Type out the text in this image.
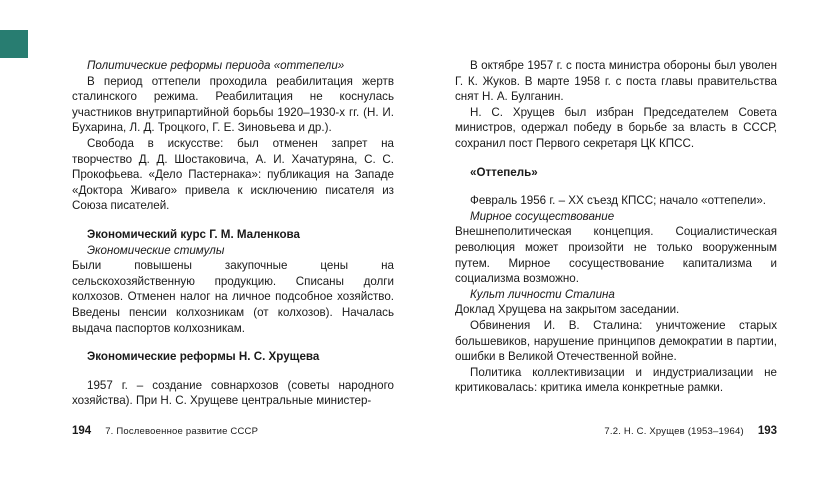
Политические реформы периода «оттепели»

В период оттепели проходила реабилитация жертв сталинского режима. Реабилитация не коснулась участников внутрипартийной борьбы 1920–1930-х гг. (Н. И. Бухарина, Л. Д. Троцкого, Г. Е. Зиновьева и др.).

Свобода в искусстве: был отменен запрет на творчество Д. Д. Шостаковича, А. И. Хачатуряна, С. С. Прокофьева. «Дело Пастернака»: публикация на Западе «Доктора Живаго» привела к исключению писателя из Союза писателей.

Экономический курс Г. М. Маленкова

Экономические стимулы

Были повышены закупочные цены на сельскохозяйственную продукцию. Списаны долги колхозов. Отменен налог на личное подсобное хозяйство. Введены пенсии колхозникам (от колхозов). Началась выдача паспортов колхозникам.

Экономические реформы Н. С. Хрущева

1957 г. – создание совнархозов (советы народного хозяйства). При Н. С. Хрущеве центральные министер-

194 7. Послевоенное развитие СССР

В октябре 1957 г. с поста министра обороны был уволен Г. К. Жуков. В марте 1958 г. с поста главы правительства снят Н. А. Булганин.

Н. С. Хрущев был избран Председателем Совета министров, одержал победу в борьбе за власть в СССР, сохранил пост Первого секретаря ЦК КПСС.

«Оттепель»

Февраль 1956 г. – XX съезд КПСС; начало «оттепели».

Мирное сосуществование

Внешнеполитическая концепция. Социалистическая революция может произойти не только вооруженным путем. Мирное сосуществование капитализма и социализма возможно.

Культ личности Сталина

Доклад Хрущева на закрытом заседании.

Обвинения И. В. Сталина: уничтожение старых большевиков, нарушение принципов демократии в партии, ошибки в Великой Отечественной войне.

Политика коллективизации и индустриализации не критиковалась: критика имела конкретные рамки.

7.2. Н. С. Хрущев (1953–1964) 193
